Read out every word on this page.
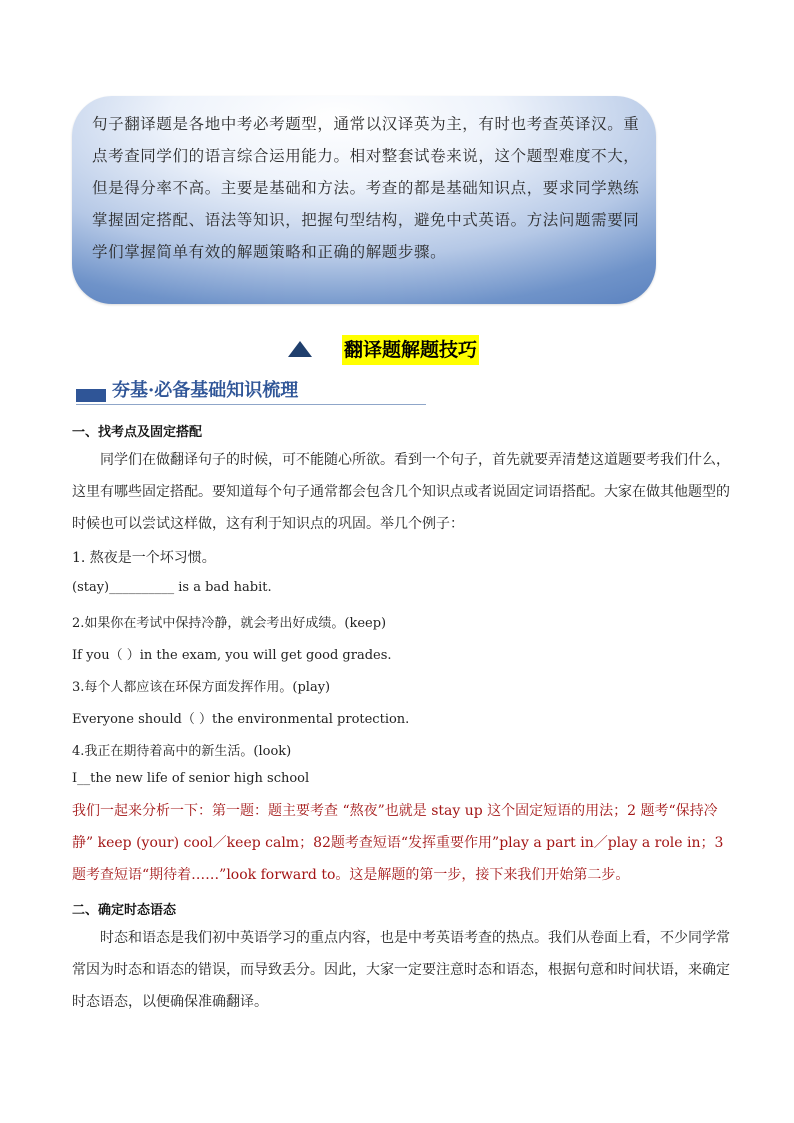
句子翻译题是各地中考必考题型，通常以汉译英为主，有时也考查英译汉。重点考查同学们的语言综合运用能力。相对整套试卷来说，这个题型难度不大，但是得分率不高。主要是基础和方法。考查的都是基础知识点，要求同学熟练掌握固定搭配、语法等知识，把握句型结构，避免中式英语。方法问题需要同学们掌握简单有效的解题策略和正确的解题步骤。
翻译题解题技巧
夯基·必备基础知识梳理
一、找考点及固定搭配
同学们在做翻译句子的时候，可不能随心所欲。看到一个句子，首先就要弄清楚这道题要考我们什么，这里有哪些固定搭配。要知道每个句子通常都会包含几个知识点或者说固定词语搭配。大家在做其他题型的时候也可以尝试这样做，这有利于知识点的巩固。举几个例子：
1. 熬夜是一个坏习惯。
(stay)__________ is a bad habit.
2.如果你在考试中保持冷静，就会考出好成绩。(keep)
If you（ ）in the exam, you will get good grades.
3.每个人都应该在环保方面发挥作用。(play)
Everyone should（ ）the environmental protection.
4.我正在期待着高中的新生活。(look)
I__the new life of senior high school
我们一起来分析一下：第一题：题主要考查 “熬夜”也就是 stay up 这个固定短语的用法；2 题考“保持冷静” keep (your) cool／keep calm；82题考查短语“发挥重要作用”play a part in／play a role in；3题考查短语“期待着……”look forward to。这是解题的第一步，接下来我们开始第二步。
二、确定时态语态
时态和语态是我们初中英语学习的重点内容，也是中考英语考查的热点。我们从卷面上看，不少同学常常因为时态和语态的错误，而导致丢分。因此，大家一定要注意时态和语态，根据句意和时间状语，来确定时态语态，以便确保准确翻译。
